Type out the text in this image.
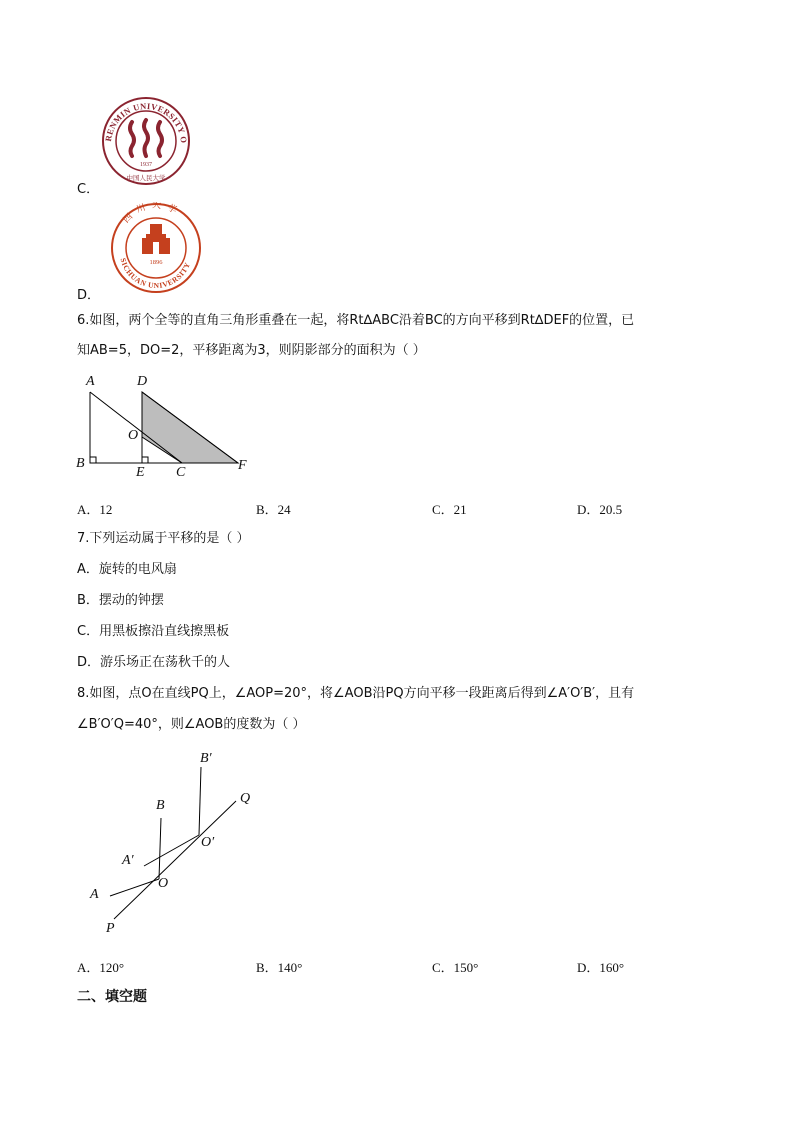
RENMIN UNIVERSITY O
1937
中国人民大学
C．
四川大学
SICHUAN UNIVERSITY
1896
D．
6.如图，两个全等的直角三角形重叠在一起，将Rt∆ABC沿着BC的方向平移到Rt∆DEF的位置，已
知AB=5，DO=2，平移距离为3，则阴影部分的面积为（ ）
A	D
O
B
E C	F
A．12	B．24	C．21	D．20.5
7.下列运动属于平移的是（ ）
A．旋转的电风扇
B．摆动的钟摆
C．用黑板擦沿直线擦黑板
D．游乐场正在荡秋千的人
8.如图，点O在直线PQ上，∠AOP=20°，将∠AOB沿PQ方向平移一段距离后得到∠A′O′B′，且有
∠B′O′Q=40°，则∠AOB的度数为（ ）
B′
B	Q
O′
A′
O
A
P
A．120°	B．140°	C．150°	D．160°
二、填空题
